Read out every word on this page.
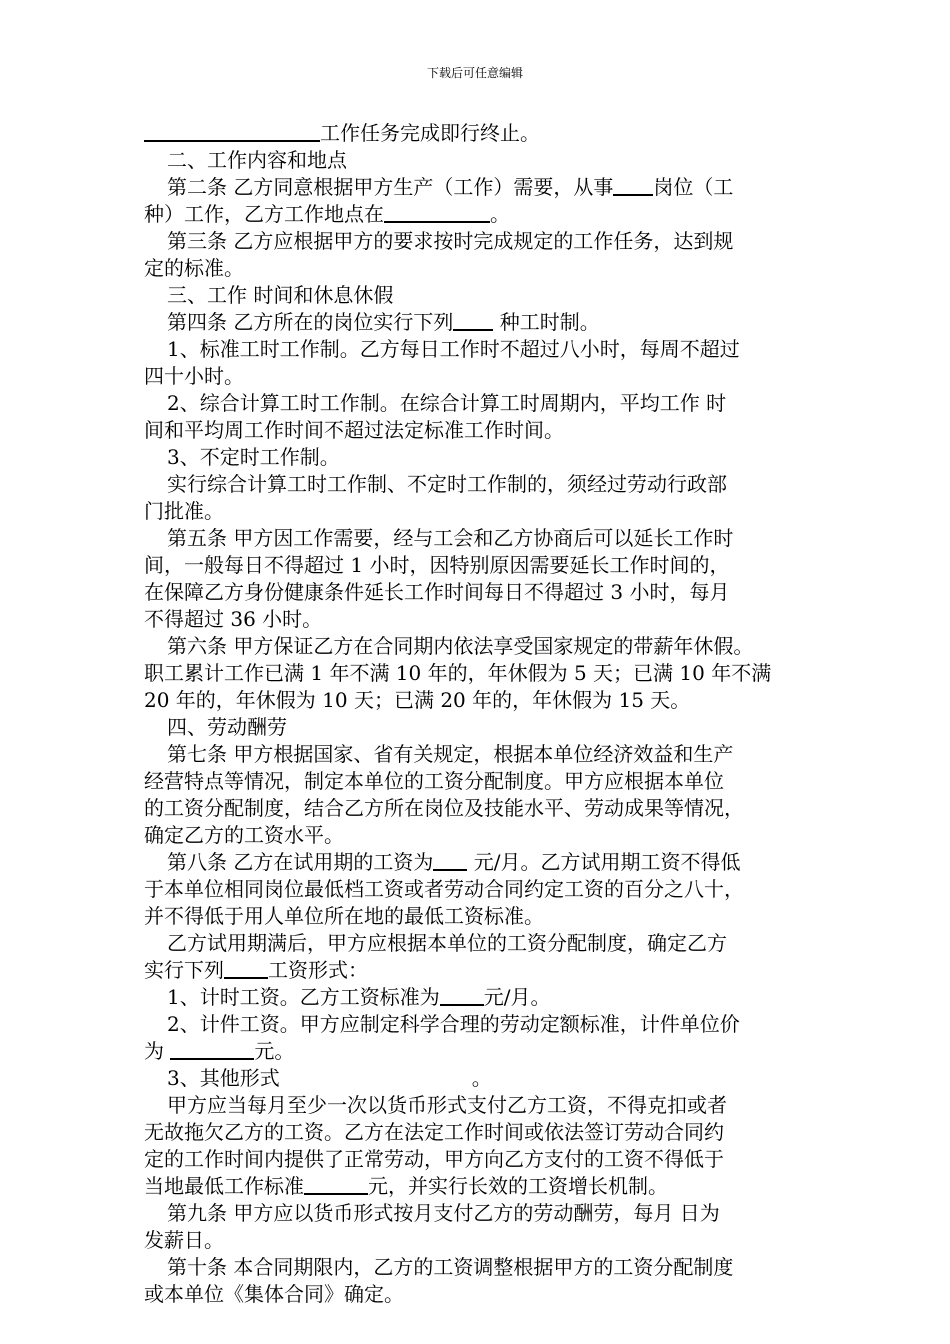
下载后可任意编辑

工作任务完成即行终止。

二、工作内容和地点

第二条 乙方同意根据甲方生产（工作）需要，从事 岗位（工

种）工作，乙方工作地点在	。

第三条 乙方应根据甲方的要求按时完成规定的工作任务，达到规

定的标准。

三、工作 时间和休息休假

第四条 乙方所在的岗位实行下列 种工时制。

1、标准工时工作制。乙方每日工作时不超过八小时，每周不超过

四十小时。

2、综合计算工时工作制。在综合计算工时周期内，平均工作 时

间和平均周工作时间不超过法定标准工作时间。

3、不定时工作制。

实行综合计算工时工作制、不定时工作制的，须经过劳动行政部

门批准。

第五条 甲方因工作需要，经与工会和乙方协商后可以延长工作时

间，一般每日不得超过 1 小时，因特别原因需要延长工作时间的，

在保障乙方身份健康条件延长工作时间每日不得超过 3 小时，每月

不得超过 36 小时。

第六条 甲方保证乙方在合同期内依法享受国家规定的带薪年休假。

职工累计工作已满 1 年不满 10 年的，年休假为 5 天；已满 10 年不满

20 年的，年休假为 10 天；已满 20 年的，年休假为 15 天。

四、劳动酬劳

第七条 甲方根据国家、省有关规定，根据本单位经济效益和生产

经营特点等情况，制定本单位的工资分配制度。甲方应根据本单位

的工资分配制度，结合乙方所在岗位及技能水平、劳动成果等情况，

确定乙方的工资水平。

第八条 乙方在试用期的工资为 元/月。乙方试用期工资不得低

于本单位相同岗位最低档工资或者劳动合同约定工资的百分之八十，

并不得低于用人单位所在地的最低工资标准。

乙方试用期满后，甲方应根据本单位的工资分配制度，确定乙方

实行下列 工资形式：

1、计时工资。乙方工资标准为 元/月。

2、计件工资。甲方应制定科学合理的劳动定额标准，计件单位价

为	元。

3、其他形式	。

甲方应当每月至少一次以货币形式支付乙方工资，不得克扣或者

无故拖欠乙方的工资。乙方在法定工作时间或依法签订劳动合同约

定的工作时间内提供了正常劳动，甲方向乙方支付的工资不得低于

当地最低工作标准	元，并实行长效的工资增长机制。

第九条 甲方应以货币形式按月支付乙方的劳动酬劳，每月 日为

发薪日。

第十条 本合同期限内，乙方的工资调整根据甲方的工资分配制度

或本单位《集体合同》确定。
